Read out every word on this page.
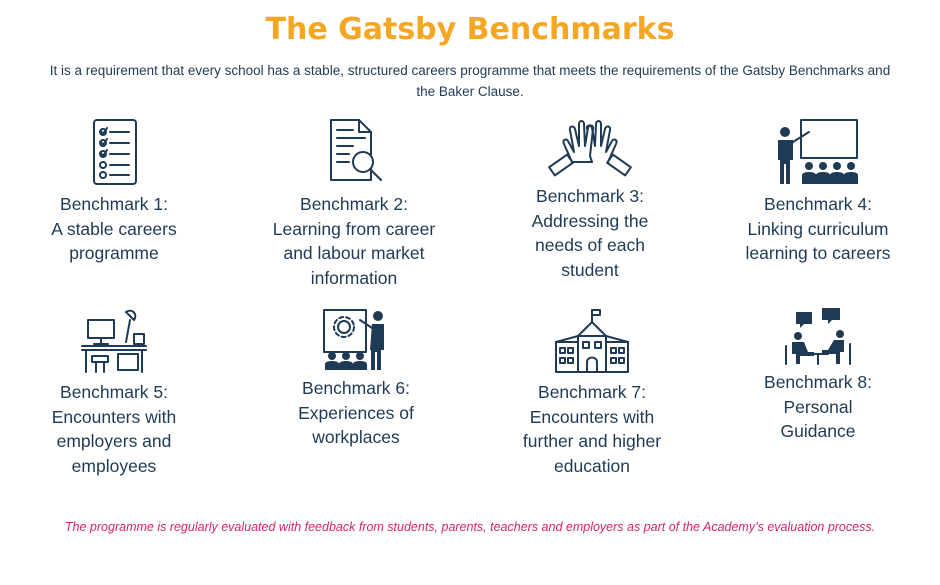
The Gatsby Benchmarks
It is a requirement that every school has a stable, structured careers programme that meets the requirements of the Gatsby Benchmarks and the Baker Clause.
Benchmark 1:
A stable careers
programme
Benchmark 2:
Learning from career
and labour market
information
Benchmark 3:
Addressing the
needs of each
student
Benchmark 4:
Linking curriculum
learning to careers
Benchmark 5:
Encounters with
employers and
employees
Benchmark 6:
Experiences of
workplaces
Benchmark 7:
Encounters with
further and higher
education
Benchmark 8:
Personal
Guidance
The programme is regularly evaluated with feedback from students, parents, teachers and employers as part of the Academy’s evaluation process.
